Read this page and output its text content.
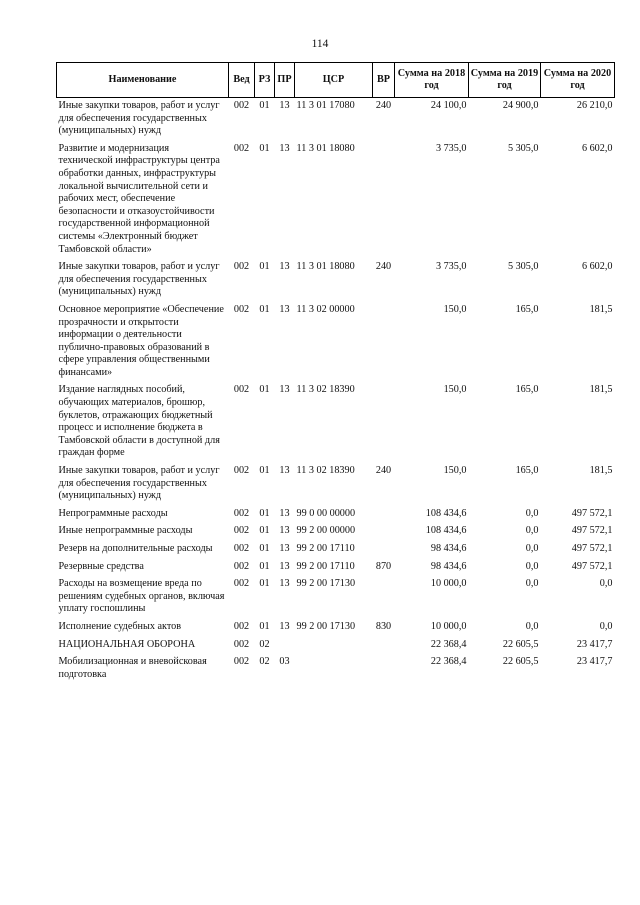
114
Наименование	Вед	РЗ	ПР	ЦСР	ВР	Сумма на 2018 год	Сумма на 2019 год	Сумма на 2020 год
Иные закупки товаров, работ и услуг для обеспечения государственных (муниципальных) нужд	002	01	13	11 3 01 17080	240	24 100,0	24 900,0	26 210,0
Развитие и модернизация технической инфраструктуры центра обработки данных, инфраструктуры локальной вычислительной сети и рабочих мест, обеспечение безопасности и отказоустойчивости государственной информационной системы «Электронный бюджет Тамбовской области»	002	01	13	11 3 01 18080		3 735,0	5 305,0	6 602,0
Иные закупки товаров, работ и услуг для обеспечения государственных (муниципальных) нужд	002	01	13	11 3 01 18080	240	3 735,0	5 305,0	6 602,0
Основное мероприятие «Обеспечение прозрачности и открытости информации о деятельности публично-правовых образований в сфере управления общественными финансами»	002	01	13	11 3 02 00000		150,0	165,0	181,5
Издание наглядных пособий, обучающих материалов, брошюр, буклетов, отражающих бюджетный процесс и исполнение бюджета в Тамбовской области в доступной для граждан форме	002	01	13	11 3 02 18390		150,0	165,0	181,5
Иные закупки товаров, работ и услуг для обеспечения государственных (муниципальных) нужд	002	01	13	11 3 02 18390	240	150,0	165,0	181,5
Непрограммные расходы	002	01	13	99 0 00 00000		108 434,6	0,0	497 572,1
Иные непрограммные расходы	002	01	13	99 2 00 00000		108 434,6	0,0	497 572,1
Резерв на дополнительные расходы	002	01	13	99 2 00 17110		98 434,6	0,0	497 572,1
Резервные средства	002	01	13	99 2 00 17110	870	98 434,6	0,0	497 572,1
Расходы на возмещение вреда по решениям судебных органов, включая уплату госпошлины	002	01	13	99 2 00 17130		10 000,0	0,0	0,0
Исполнение судебных актов	002	01	13	99 2 00 17130	830	10 000,0	0,0	0,0
НАЦИОНАЛЬНАЯ ОБОРОНА	002	02				22 368,4	22 605,5	23 417,7
Мобилизационная и вневойсковая подготовка	002	02	03			22 368,4	22 605,5	23 417,7
